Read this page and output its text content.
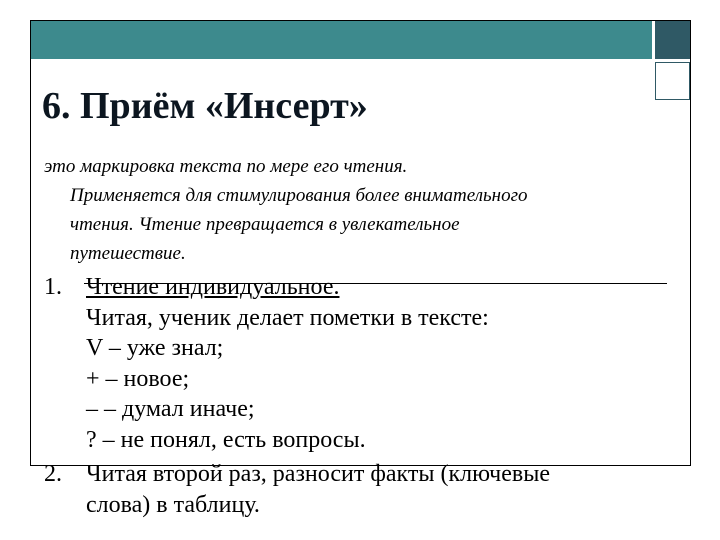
6. Приём «Инсерт»
это маркировка текста по мере его чтения.
Применяется для стимулирования более внимательного
чтения. Чтение превращается в увлекательное
путешествие.
1. Чтение индивидуальное.
Читая, ученик делает пометки в тексте:
V – уже знал;
+ – новое;
– – думал иначе;
? – не понял, есть вопросы.
2. Читая второй раз, разносит факты (ключевые
слова) в таблицу.
